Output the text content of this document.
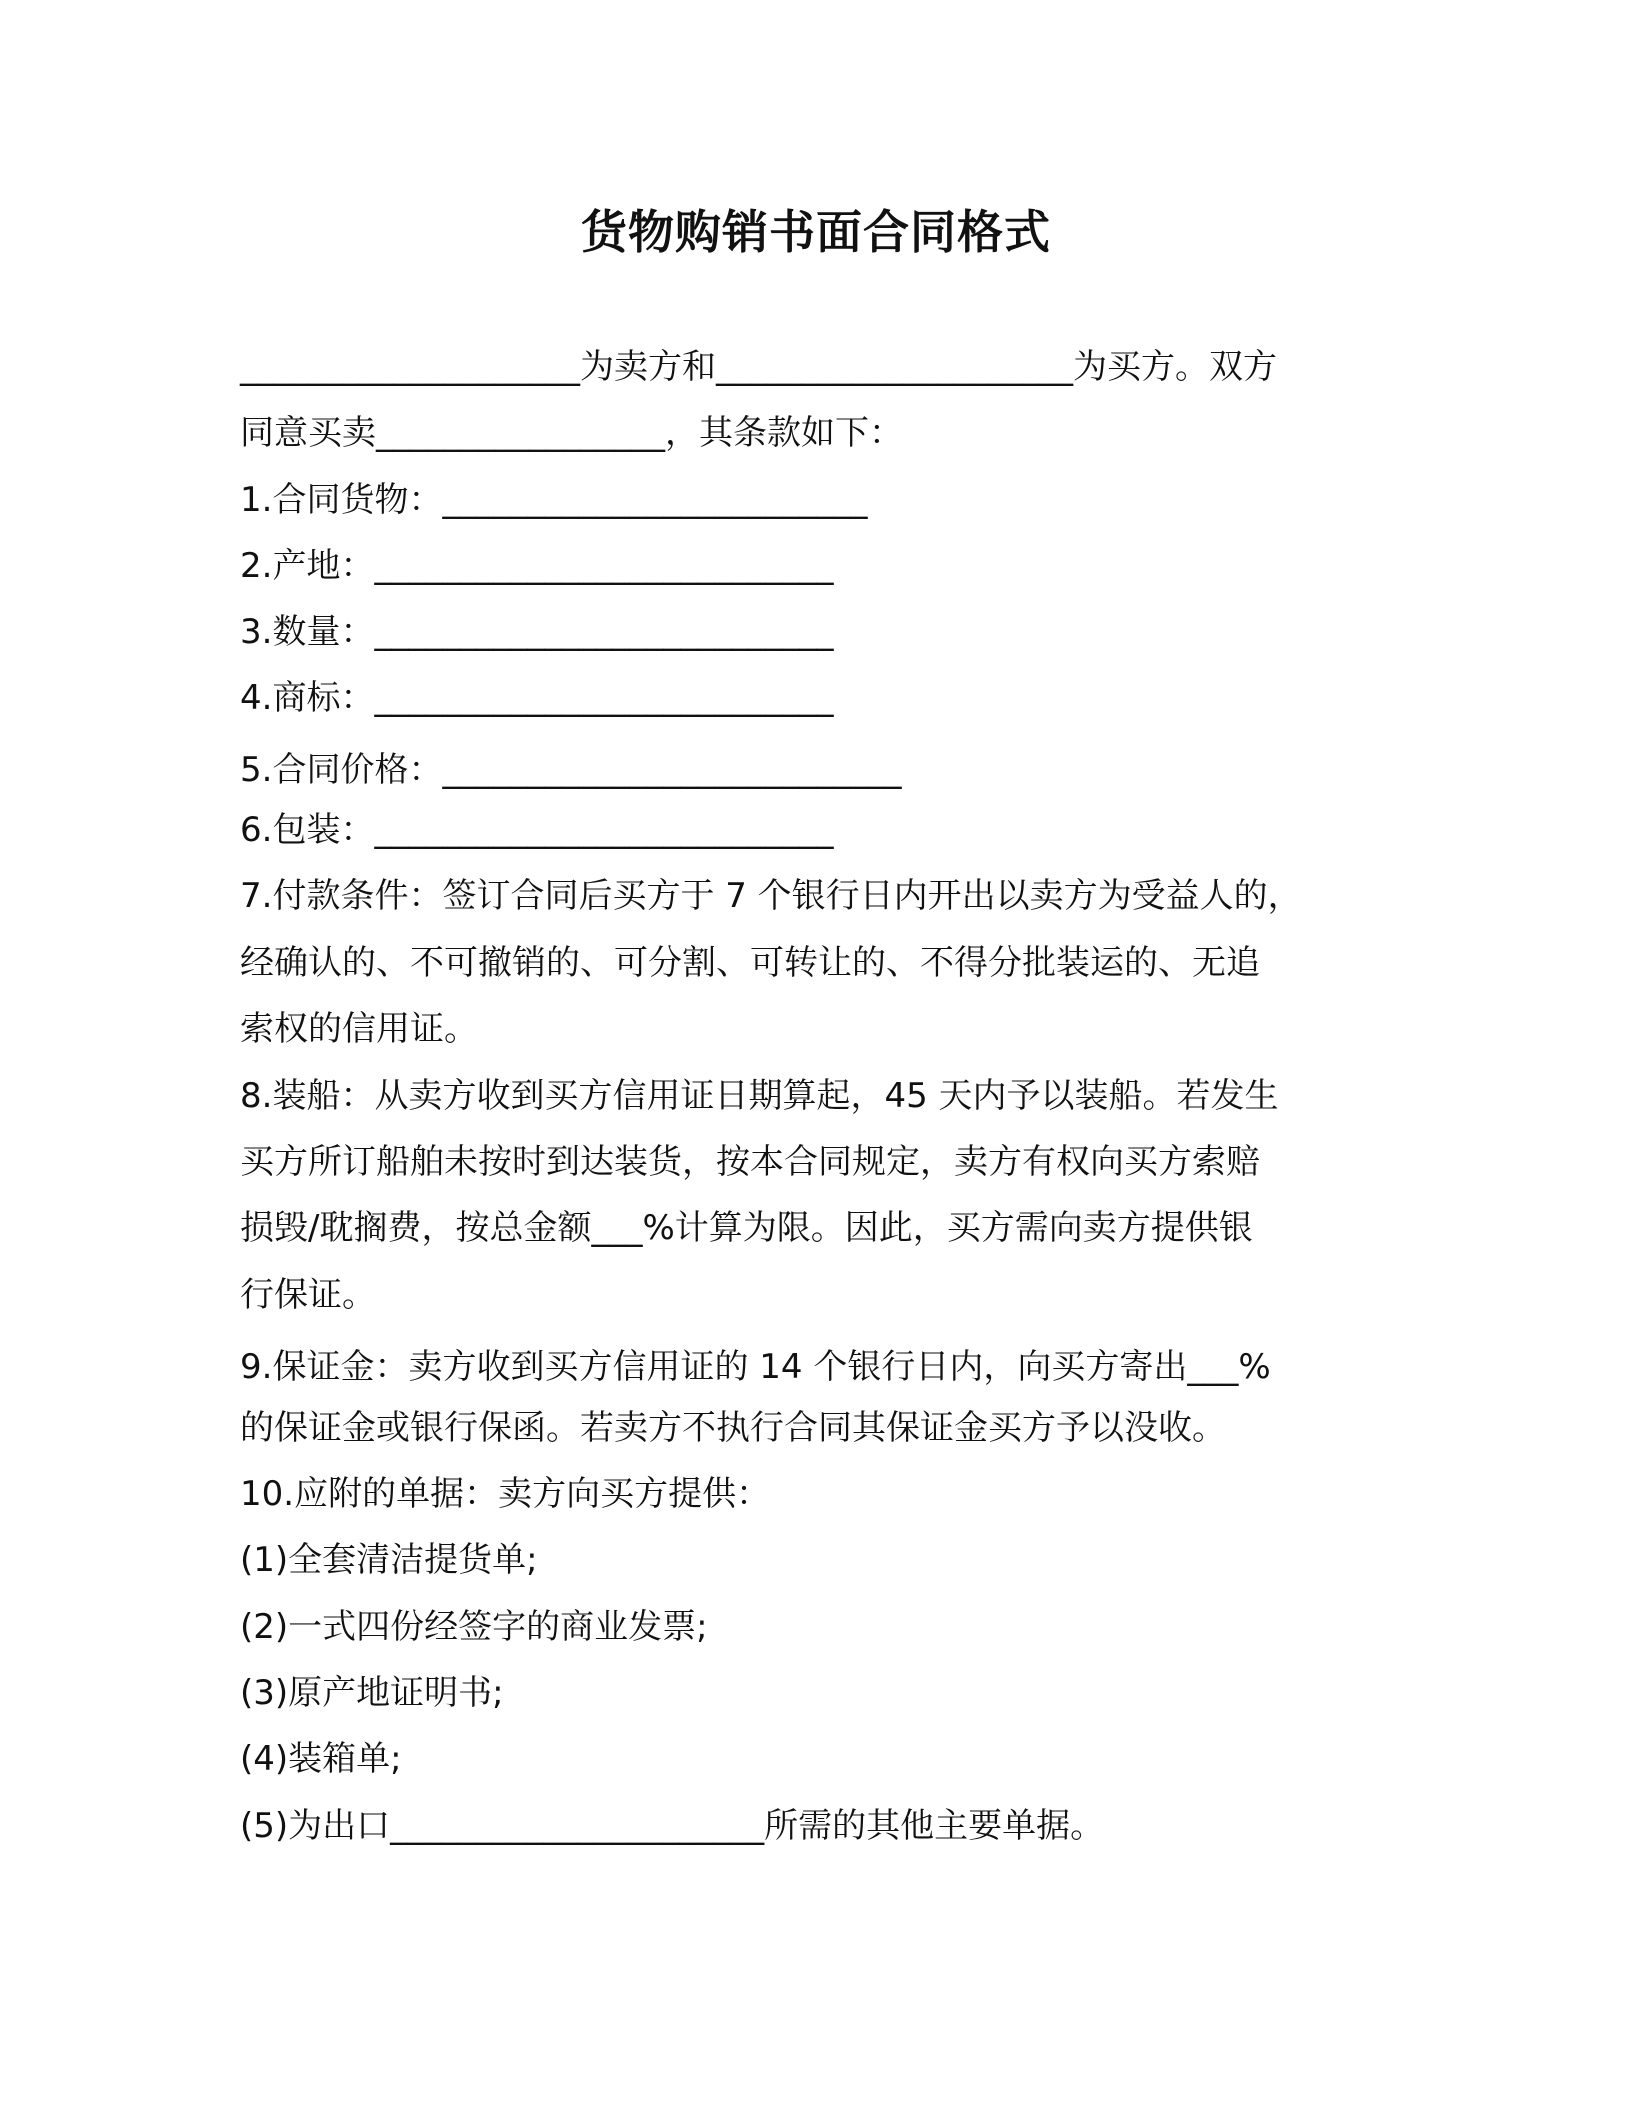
货物购销书面合同格式
____________________为卖方和_____________________为买方。双方
同意买卖_________________，其条款如下：
1.合同货物：_________________________
2.产地：___________________________
3.数量：___________________________
4.商标：___________________________
5.合同价格：___________________________
6.包装：___________________________
7.付款条件：签订合同后买方于 7 个银行日内开出以卖方为受益人的，
经确认的、不可撤销的、可分割、可转让的、不得分批装运的、无追
索权的信用证。
8.装船：从卖方收到买方信用证日期算起，45 天内予以装船。若发生
买方所订船舶未按时到达装货，按本合同规定，卖方有权向买方索赔
损毁/耽搁费，按总金额___%计算为限。因此，买方需向卖方提供银
行保证。
9.保证金：卖方收到买方信用证的 14 个银行日内，向买方寄出___%
的保证金或银行保函。若卖方不执行合同其保证金买方予以没收。
10.应附的单据：卖方向买方提供：
(1)全套清洁提货单;
(2)一式四份经签字的商业发票;
(3)原产地证明书;
(4)装箱单;
(5)为出口______________________所需的其他主要单据。
